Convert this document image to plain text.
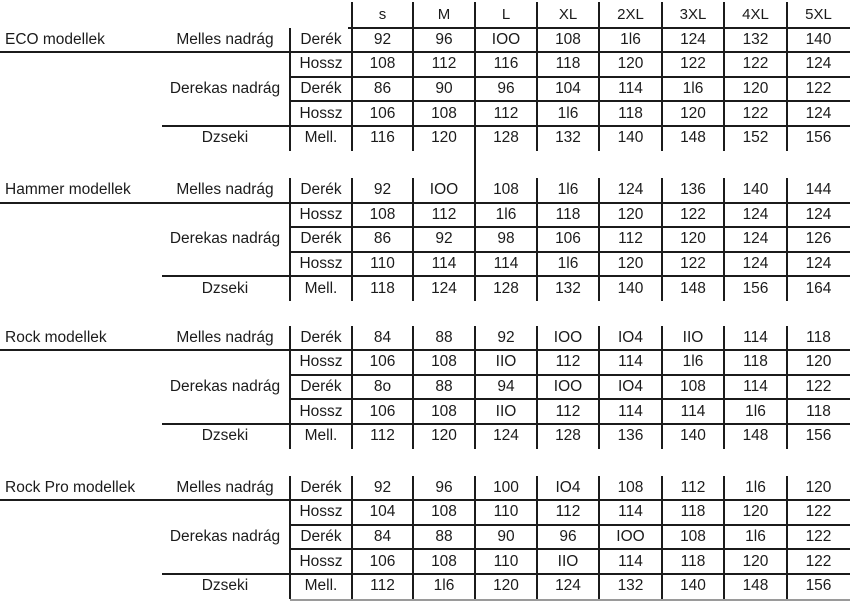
s	M	L	XL	2XL	3XL	4XL	5XL
ECO modellek	Melles nadrág	Derék	92	96	IOO	108	1l6	124	132	140
Hossz	108	112	116	118	120	122	122	124
Derekas nadrág	Derék	86	90	96	104	114	1l6	120	122
Hossz	106	108	112	1l6	118	120	122	124
Dzseki	Mell.	116	120	128	132	140	148	152	156
Hammer modellek	Melles nadrág	Derék	92	IOO	108	1l6	124	136	140	144
Hossz	108	112	1l6	118	120	122	124	124
Derekas nadrág	Derék	86	92	98	106	112	120	124	126
Hossz	110	114	114	1l6	120	122	124	124
Dzseki	Mell.	118	124	128	132	140	148	156	164
Rock modellek	Melles nadrág	Derék	84	88	92	IOO	IO4	IIO	114	118
Hossz	106	108	IIO	112	114	1l6	118	120
Derekas nadrág	Derék	8o	88	94	IOO	IO4	108	114	122
Hossz	106	108	IIO	112	114	114	1l6	118
Dzseki	Mell.	112	120	124	128	136	140	148	156
Rock Pro modellek	Melles nadrág	Derék	92	96	100	IO4	108	112	1l6	120
Hossz	104	108	110	112	114	118	120	122
Derekas nadrág	Derék	84	88	90	96	IOO	108	1l6	122
Hossz	106	108	110	IIO	114	118	120	122
Dzseki	Mell.	112	1l6	120	124	132	140	148	156
